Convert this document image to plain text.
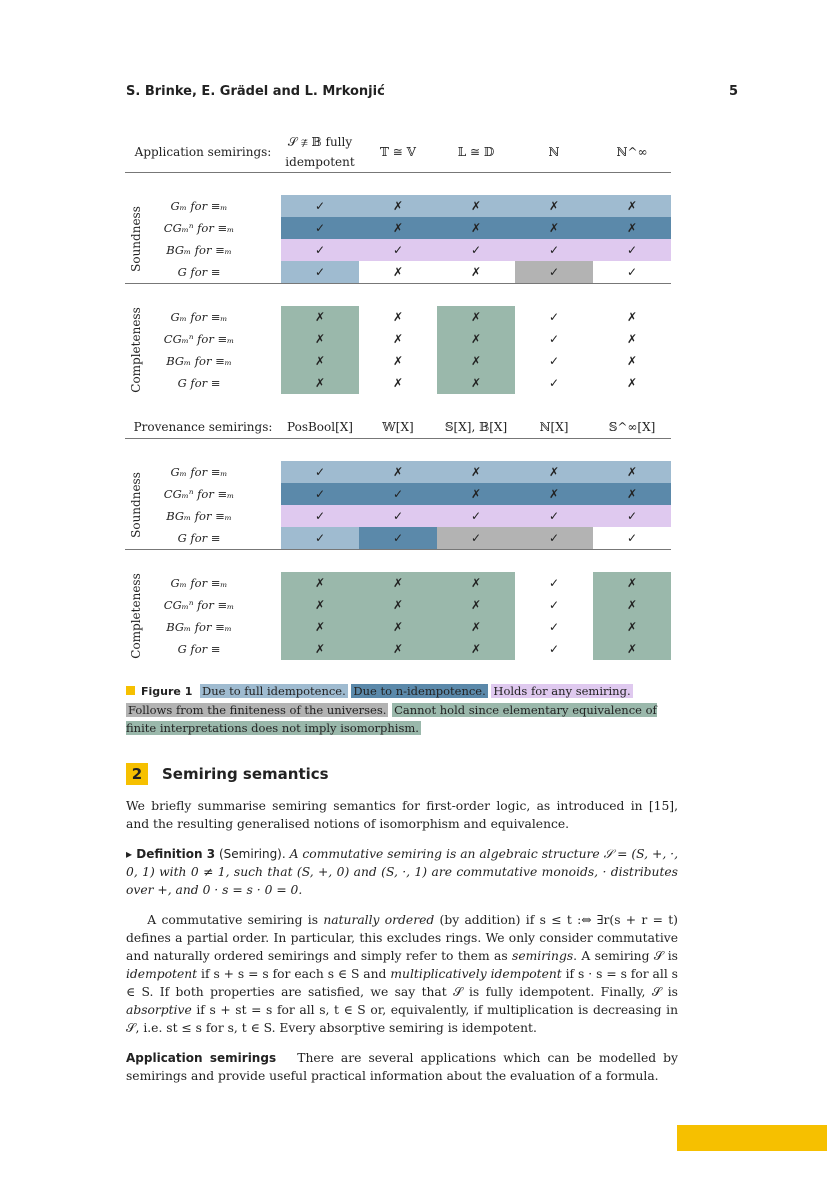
S. Brinke, E. Grädel and L. Mrkonjić	5
Application semirings:	𝒮 ≇ 𝔹 fully idempotent	𝕋 ≅ 𝕍	𝕃 ≅ 𝔻	ℕ	ℕ^∞

Soundness
Gₘ for ≡ₘ	✓	✗	✗	✗	✗
CGₘⁿ for ≡ₘ	✓	✗	✗	✗	✗
BGₘ for ≡ₘ	✓	✓	✓	✓	✓
G for ≡	✓	✗	✗	✓	✓

Completeness Gₘ for ≡ₘ	✗	✗	✗	✓	✗
CGₘⁿ for ≡ₘ	✗	✗	✗	✓	✗
BGₘ for ≡ₘ	✗	✗	✗	✓	✗
G for ≡	✗	✗	✗	✓	✗
Provenance semirings:	PosBool[X]	𝕎[X]	𝕊[X], 𝔹[X]	ℕ[X]	𝕊^∞[X]

Soundness
Gₘ for ≡ₘ	✓	✗	✗	✗	✗
CGₘⁿ for ≡ₘ	✓	✓	✗	✗	✗
BGₘ for ≡ₘ	✓	✓	✓	✓	✓
G for ≡	✓	✓	✓	✓	✓

Completeness Gₘ for ≡ₘ	✗	✗	✗	✓	✗
CGₘⁿ for ≡ₘ	✗	✗	✗	✓	✗
BGₘ for ≡ₘ	✗	✗	✗	✓	✗
G for ≡	✗	✗	✗	✓	✗
Figure 1 Due to full idempotence. Due to n-idempotence. Holds for any semiring. Follows from the finiteness of the universes. Cannot hold since elementary equivalence of finite interpretations does not imply isomorphism.
2 Semiring semantics
We briefly summarise semiring semantics for first-order logic, as introduced in [15], and the resulting generalised notions of isomorphism and equivalence.
▸ Definition 3 (Semiring). A commutative semiring is an algebraic structure 𝒮 = (S, +, ·, 0, 1) with 0 ≠ 1, such that (S, +, 0) and (S, ·, 1) are commutative monoids, · distributes over +, and 0 · s = s · 0 = 0.
A commutative semiring is naturally ordered (by addition) if s ≤ t :⇔ ∃r(s + r = t) defines a partial order. In particular, this excludes rings. We only consider commutative and naturally ordered semirings and simply refer to them as semirings. A semiring 𝒮 is idempotent if s + s = s for each s ∈ S and multiplicatively idempotent if s · s = s for all s ∈ S. If both properties are satisfied, we say that 𝒮 is fully idempotent. Finally, 𝒮 is absorptive if s + st = s for all s, t ∈ S or, equivalently, if multiplication is decreasing in 𝒮, i.e. st ≤ s for s, t ∈ S. Every absorptive semiring is idempotent.
Application semirings   There are several applications which can be modelled by semirings and provide useful practical information about the evaluation of a formula.
